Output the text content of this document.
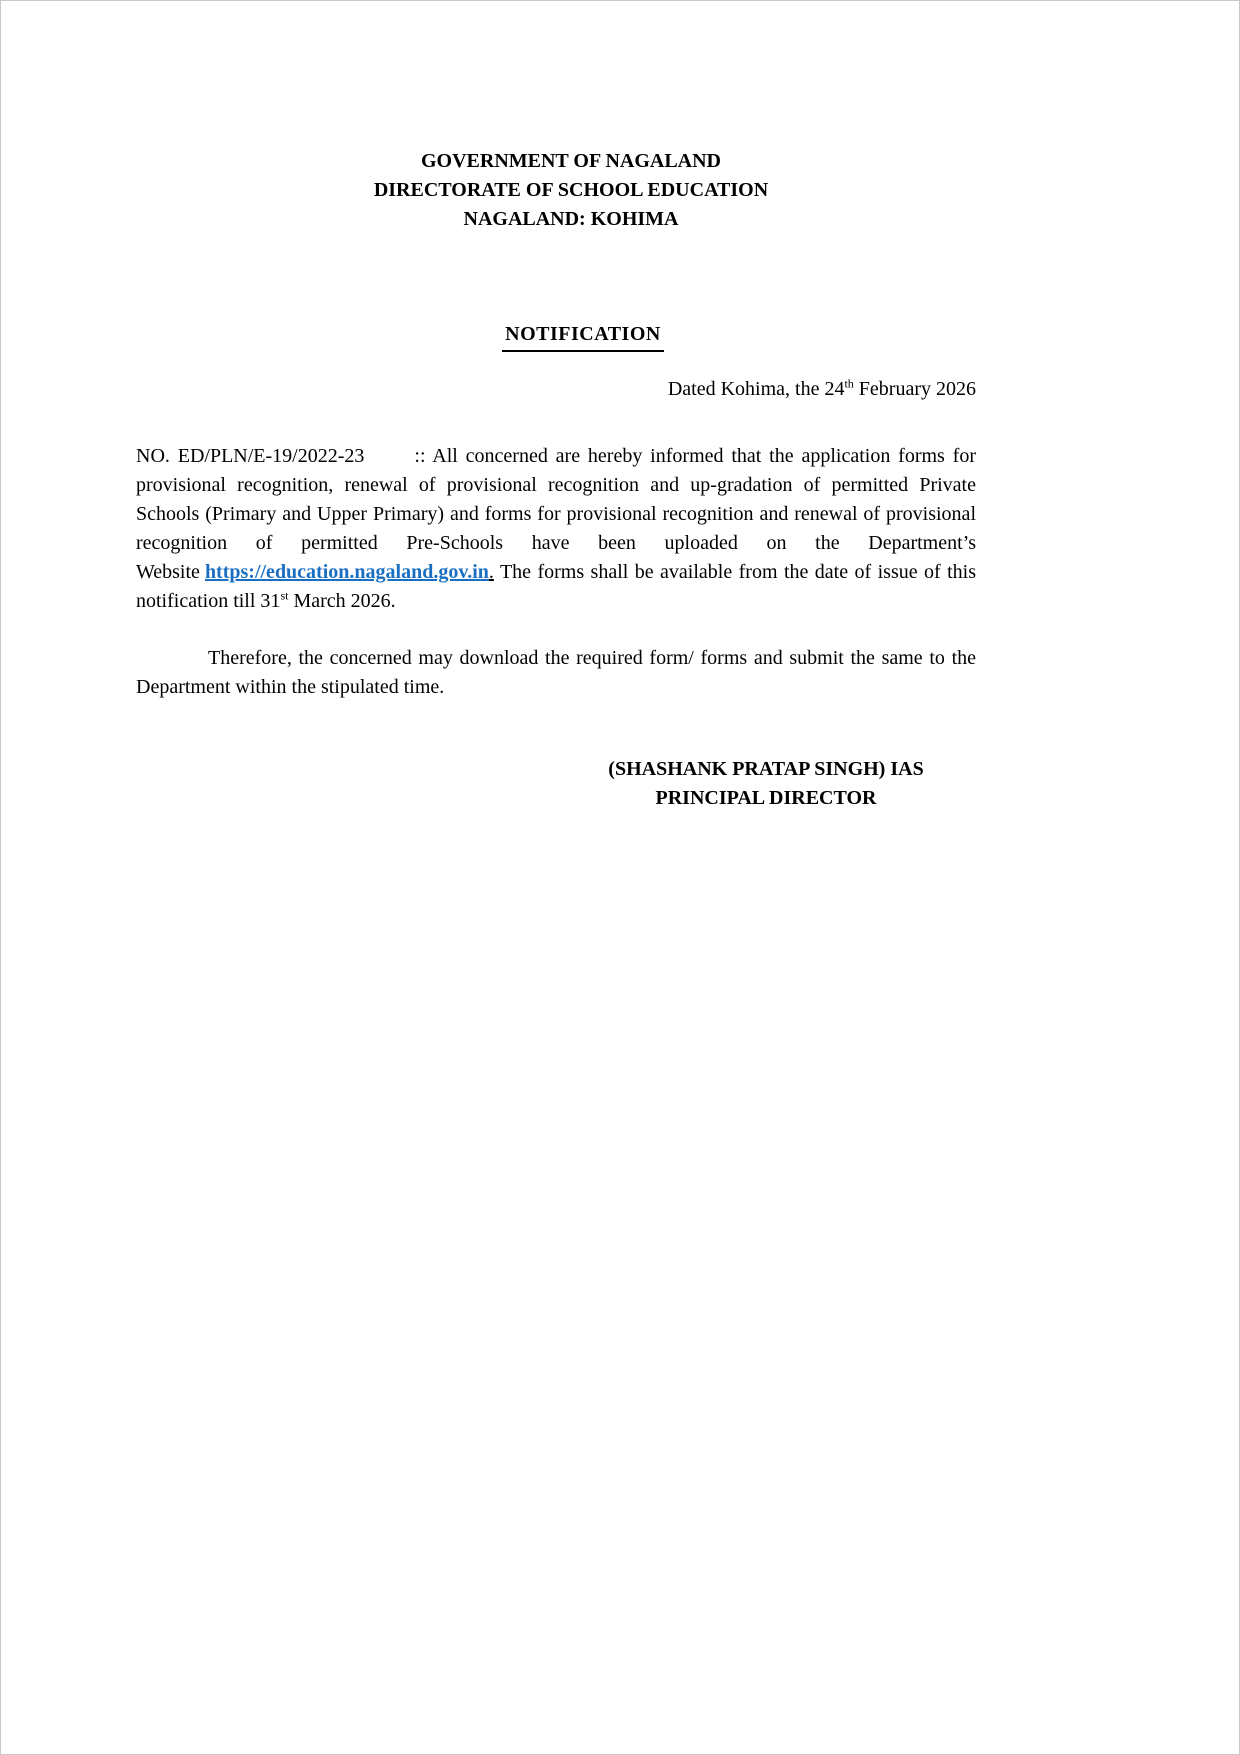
GOVERNMENT OF NAGALAND
DIRECTORATE OF SCHOOL EDUCATION
NAGALAND: KOHIMA
NOTIFICATION
Dated Kohima, the 24th February 2026

NO. ED/PLN/E-19/2022-23	:: All concerned are hereby informed that the application forms for provisional recognition, renewal of provisional recognition and up-gradation of permitted Private Schools (Primary and Upper Primary) and forms for provisional recognition and renewal of provisional recognition of permitted Pre-Schools have been uploaded on the Department’s Website https://education.nagaland.gov.in. The forms shall be available from the date of issue of this notification till 31st March 2026.

Therefore, the concerned may download the required form/ forms and submit the same to the Department within the stipulated time.

(SHASHANK PRATAP SINGH) IAS
PRINCIPAL DIRECTOR
